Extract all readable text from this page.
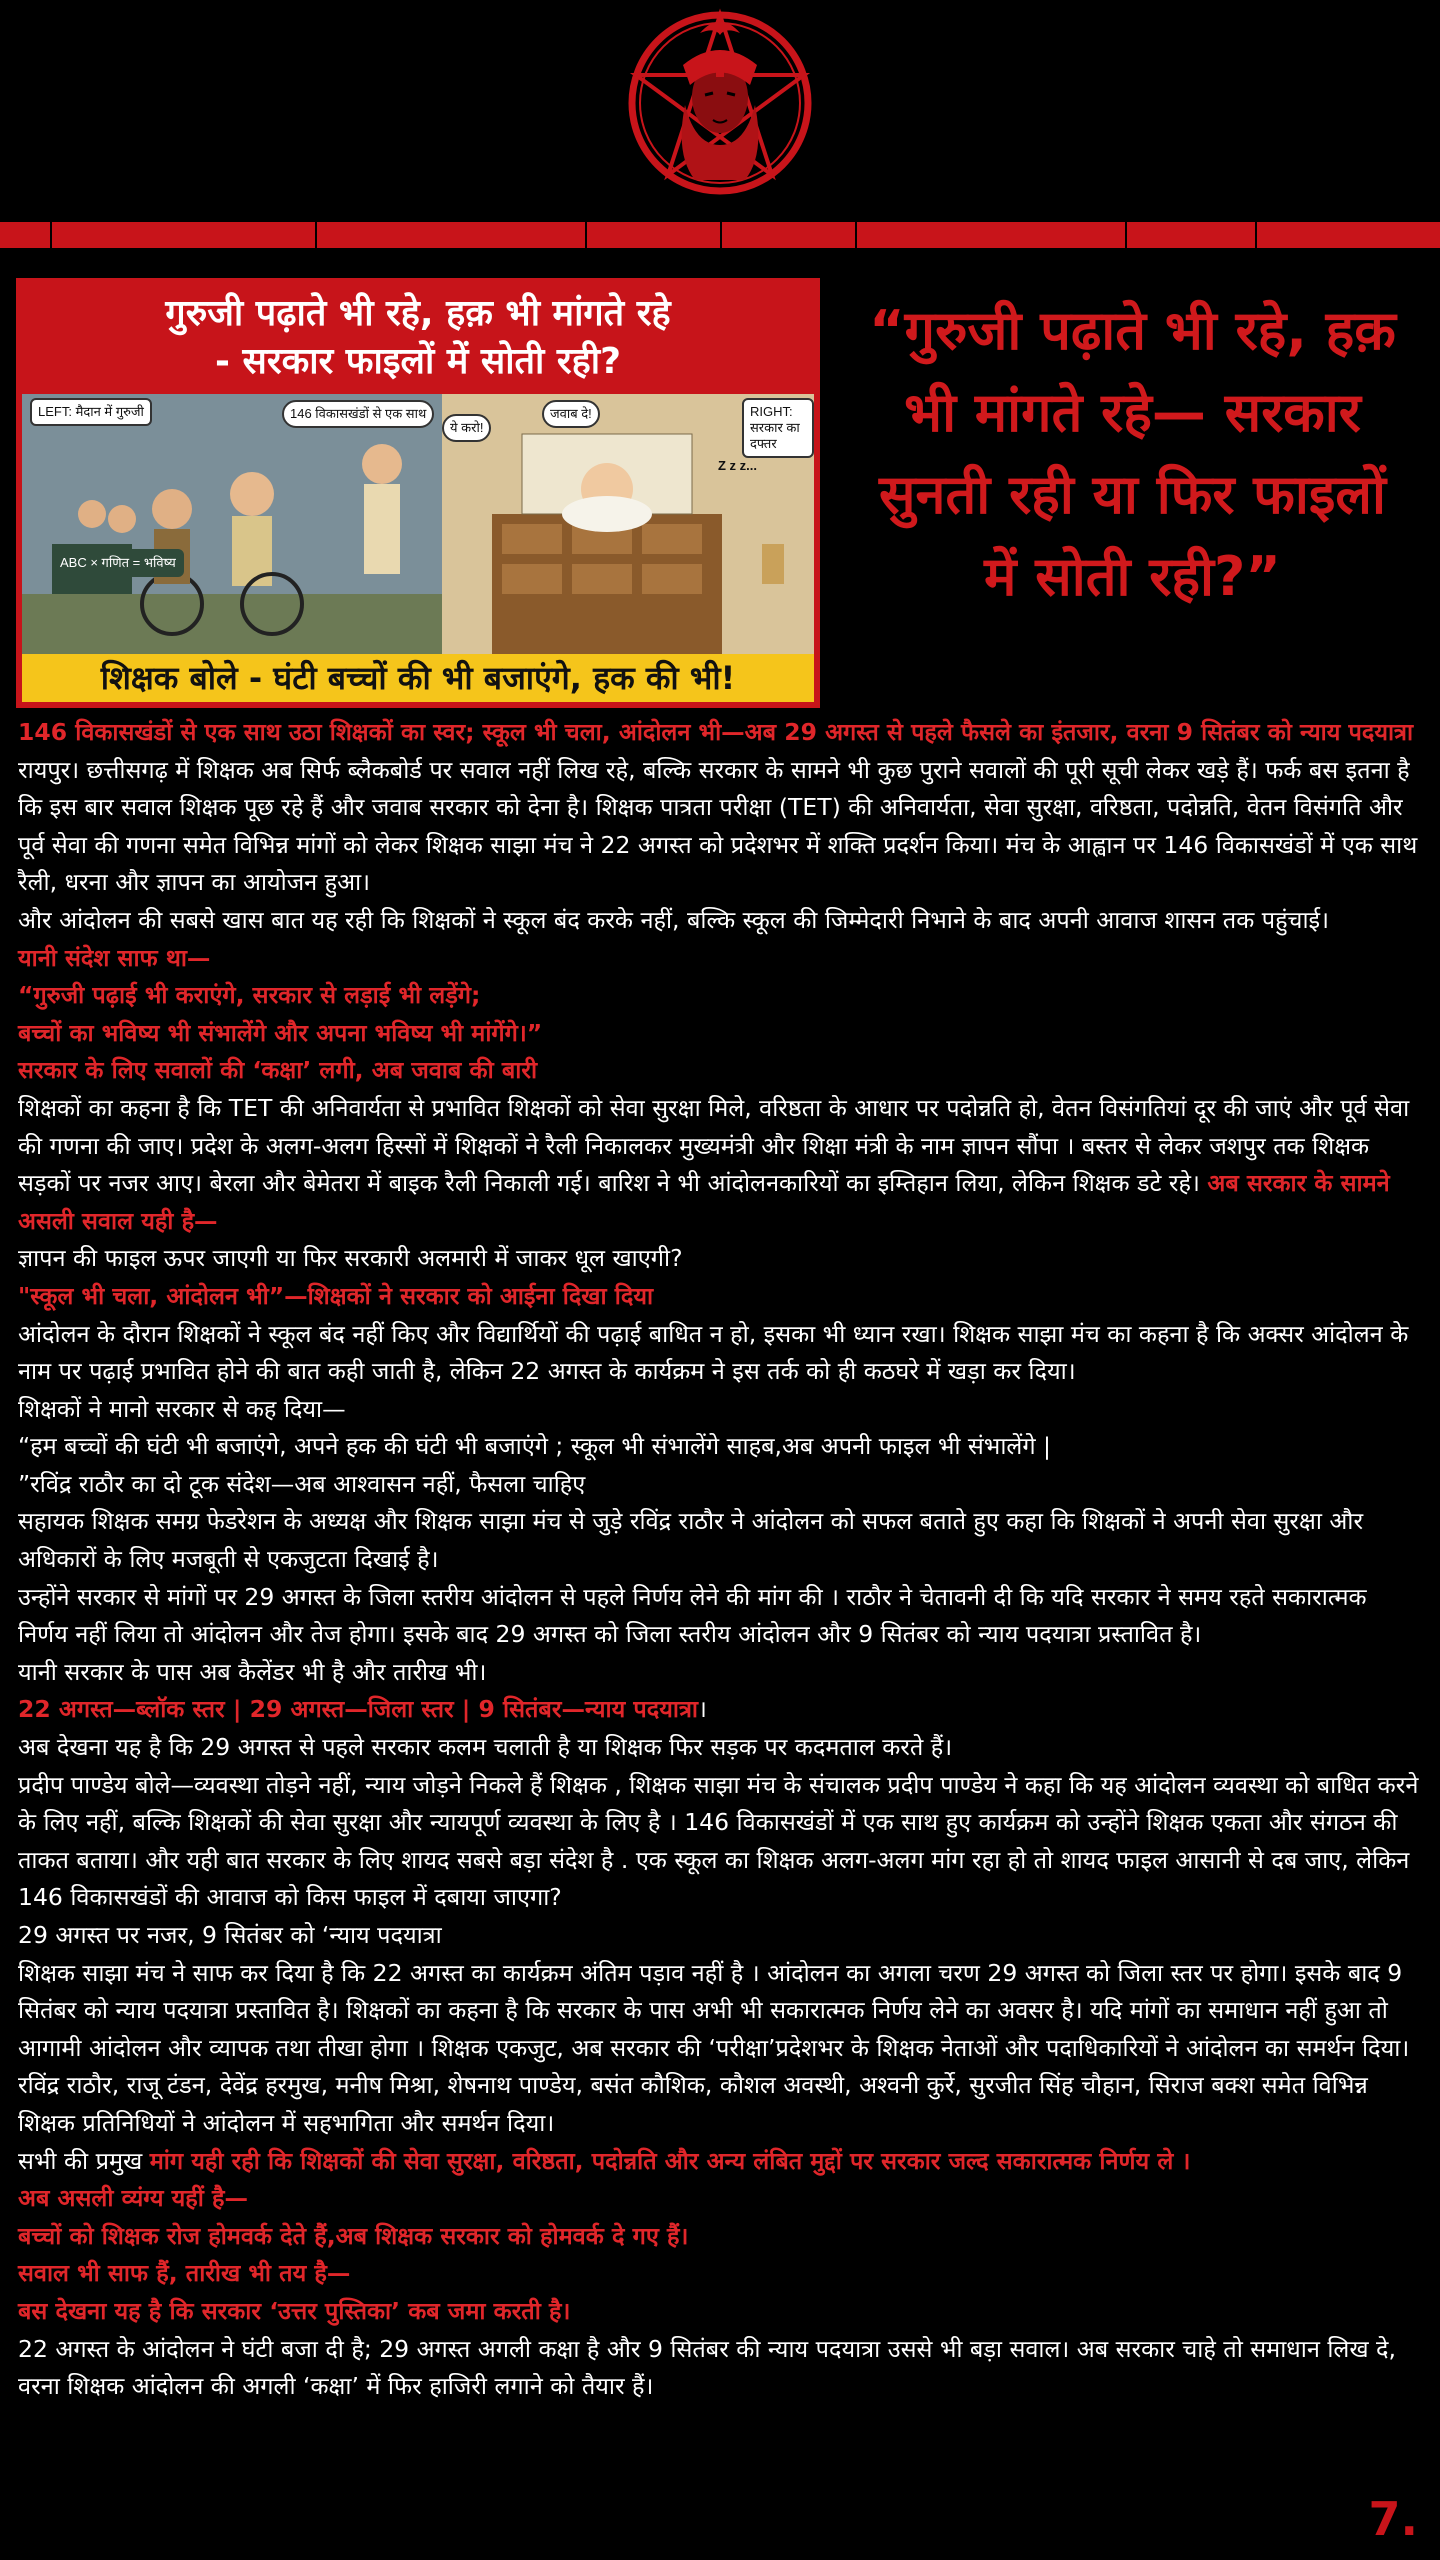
गुरुजी पढ़ाते भी रहे, हक़ भी मांगते रहे
- सरकार फाइलों में सोती रही?
LEFT: मैदान में गुरुजी	RIGHT: सरकार का दफ्तर
146 विकासखंडों से एक साथ
ये करो!
जवाब दे!
ABC × गणित = भविष्य
Z z z...
शिक्षक बोले - घंटी बच्चों की भी बजाएंगे, हक की भी!
“गुरुजी पढ़ाते भी रहे, हक़ भी मांगते रहे— सरकार सुनती रही या फिर फाइलों में सोती रही?”

146 विकासखंडों से एक साथ उठा शिक्षकों का स्वर; स्कूल भी चला, आंदोलन भी—अब 29 अगस्त से पहले फैसले का इंतजार, वरना 9 सितंबर को न्याय पदयात्रा

रायपुर। छत्तीसगढ़ में शिक्षक अब सिर्फ ब्लैकबोर्ड पर सवाल नहीं लिख रहे, बल्कि सरकार के सामने भी कुछ पुराने सवालों की पूरी सूची लेकर खड़े हैं। फर्क बस इतना है कि इस बार सवाल शिक्षक पूछ रहे हैं और जवाब सरकार को देना है। शिक्षक पात्रता परीक्षा (TET) की अनिवार्यता, सेवा सुरक्षा, वरिष्ठता, पदोन्नति, वेतन विसंगति और पूर्व सेवा की गणना समेत विभिन्न मांगों को लेकर शिक्षक साझा मंच ने 22 अगस्त को प्रदेशभर में शक्ति प्रदर्शन किया। मंच के आह्वान पर 146 विकासखंडों में एक साथ रैली, धरना और ज्ञापन का आयोजन हुआ।

और आंदोलन की सबसे खास बात यह रही कि शिक्षकों ने स्कूल बंद करके नहीं, बल्कि स्कूल की जिम्मेदारी निभाने के बाद अपनी आवाज शासन तक पहुंचाई।

यानी संदेश साफ था—

“गुरुजी पढ़ाई भी कराएंगे, सरकार से लड़ाई भी लड़ेंगे;

बच्चों का भविष्य भी संभालेंगे और अपना भविष्य भी मांगेंगे।”

सरकार के लिए सवालों की ‘कक्षा’ लगी, अब जवाब की बारी

शिक्षकों का कहना है कि TET की अनिवार्यता से प्रभावित शिक्षकों को सेवा सुरक्षा मिले, वरिष्ठता के आधार पर पदोन्नति हो, वेतन विसंगतियां दूर की जाएं और पूर्व सेवा की गणना की जाए। प्रदेश के अलग-अलग हिस्सों में शिक्षकों ने रैली निकालकर मुख्यमंत्री और शिक्षा मंत्री के नाम ज्ञापन सौंपा । बस्तर से लेकर जशपुर तक शिक्षक सड़कों पर नजर आए। बेरला और बेमेतरा में बाइक रैली निकाली गई। बारिश ने भी आंदोलनकारियों का इम्तिहान लिया, लेकिन शिक्षक डटे रहे। अब सरकार के सामने असली सवाल यही है—

ज्ञापन की फाइल ऊपर जाएगी या फिर सरकारी अलमारी में जाकर धूल खाएगी?

"स्कूल भी चला, आंदोलन भी”—शिक्षकों ने सरकार को आईना दिखा दिया

आंदोलन के दौरान शिक्षकों ने स्कूल बंद नहीं किए और विद्यार्थियों की पढ़ाई बाधित न हो, इसका भी ध्यान रखा। शिक्षक साझा मंच का कहना है कि अक्सर आंदोलन के नाम पर पढ़ाई प्रभावित होने की बात कही जाती है, लेकिन 22 अगस्त के कार्यक्रम ने इस तर्क को ही कठघरे में खड़ा कर दिया।

शिक्षकों ने मानो सरकार से कह दिया—

“हम बच्चों की घंटी भी बजाएंगे, अपने हक की घंटी भी बजाएंगे ; स्कूल भी संभालेंगे साहब,अब अपनी फाइल भी संभालेंगे |

”रविंद्र राठौर का दो टूक संदेश—अब आश्वासन नहीं, फैसला चाहिए

सहायक शिक्षक समग्र फेडरेशन के अध्यक्ष और शिक्षक साझा मंच से जुड़े रविंद्र राठौर ने आंदोलन को सफल बताते हुए कहा कि शिक्षकों ने अपनी सेवा सुरक्षा और अधिकारों के लिए मजबूती से एकजुटता दिखाई है।

उन्होंने सरकार से मांगों पर 29 अगस्त के जिला स्तरीय आंदोलन से पहले निर्णय लेने की मांग की । राठौर ने चेतावनी दी कि यदि सरकार ने समय रहते सकारात्मक निर्णय नहीं लिया तो आंदोलन और तेज होगा। इसके बाद 29 अगस्त को जिला स्तरीय आंदोलन और 9 सितंबर को न्याय पदयात्रा प्रस्तावित है।

यानी सरकार के पास अब कैलेंडर भी है और तारीख भी।

22 अगस्त—ब्लॉक स्तर | 29 अगस्त—जिला स्तर | 9 सितंबर—न्याय पदयात्रा।

अब देखना यह है कि 29 अगस्त से पहले सरकार कलम चलाती है या शिक्षक फिर सड़क पर कदमताल करते हैं।

प्रदीप पाण्डेय बोले—व्यवस्था तोड़ने नहीं, न्याय जोड़ने निकले हैं शिक्षक , शिक्षक साझा मंच के संचालक प्रदीप पाण्डेय ने कहा कि यह आंदोलन व्यवस्था को बाधित करने के लिए नहीं, बल्कि शिक्षकों की सेवा सुरक्षा और न्यायपूर्ण व्यवस्था के लिए है । 146 विकासखंडों में एक साथ हुए कार्यक्रम को उन्होंने शिक्षक एकता और संगठन की ताकत बताया। और यही बात सरकार के लिए शायद सबसे बड़ा संदेश है . एक स्कूल का शिक्षक अलग-अलग मांग रहा हो तो शायद फाइल आसानी से दब जाए, लेकिन 146 विकासखंडों की आवाज को किस फाइल में दबाया जाएगा?

29 अगस्त पर नजर, 9 सितंबर को ‘न्याय पदयात्रा

शिक्षक साझा मंच ने साफ कर दिया है कि 22 अगस्त का कार्यक्रम अंतिम पड़ाव नहीं है । आंदोलन का अगला चरण 29 अगस्त को जिला स्तर पर होगा। इसके बाद 9 सितंबर को न्याय पदयात्रा प्रस्तावित है। शिक्षकों का कहना है कि सरकार के पास अभी भी सकारात्मक निर्णय लेने का अवसर है। यदि मांगों का समाधान नहीं हुआ तो आगामी आंदोलन और व्यापक तथा तीखा होगा । शिक्षक एकजुट, अब सरकार की ‘परीक्षा’प्रदेशभर के शिक्षक नेताओं और पदाधिकारियों ने आंदोलन का समर्थन दिया। रविंद्र राठौर, राजू टंडन, देवेंद्र हरमुख, मनीष मिश्रा, शेषनाथ पाण्डेय, बसंत कौशिक, कौशल अवस्थी, अश्वनी कुर्रे, सुरजीत सिंह चौहान, सिराज बक्श समेत विभिन्न शिक्षक प्रतिनिधियों ने आंदोलन में सहभागिता और समर्थन दिया।

सभी की प्रमुख मांग यही रही कि शिक्षकों की सेवा सुरक्षा, वरिष्ठता, पदोन्नति और अन्य लंबित मुद्दों पर सरकार जल्द सकारात्मक निर्णय ले ।

अब असली व्यंग्य यहीं है—

बच्चों को शिक्षक रोज होमवर्क देते हैं,अब शिक्षक सरकार को होमवर्क दे गए हैं।

सवाल भी साफ हैं, तारीख भी तय है—

बस देखना यह है कि सरकार ‘उत्तर पुस्तिका’ कब जमा करती है।

22 अगस्त के आंदोलन ने घंटी बजा दी है; 29 अगस्त अगली कक्षा है और 9 सितंबर की न्याय पदयात्रा उससे भी बड़ा सवाल। अब सरकार चाहे तो समाधान लिख दे, वरना शिक्षक आंदोलन की अगली ‘कक्षा’ में फिर हाजिरी लगाने को तैयार हैं।

7.
